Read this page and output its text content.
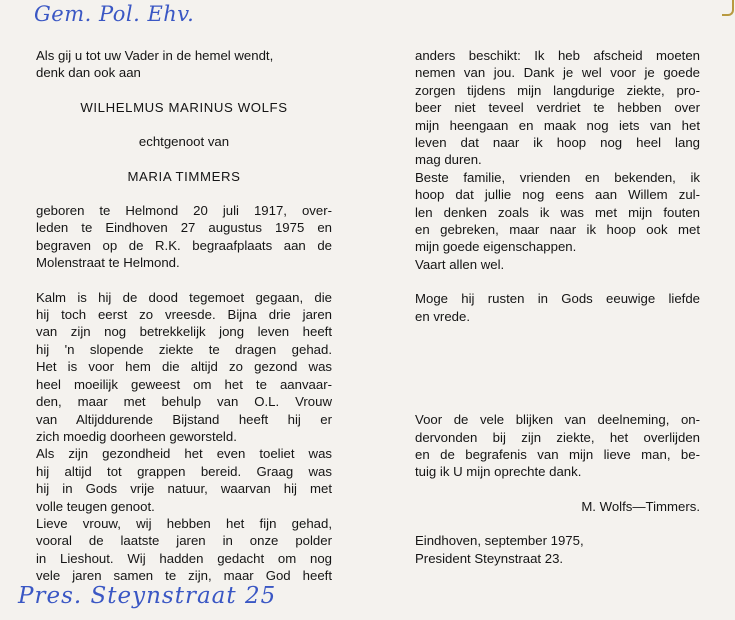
Gem. Pol. Ehv.
Als gij u tot uw Vader in de hemel wendt,
denk dan ook aan
WILHELMUS MARINUS WOLFS
echtgenoot van
MARIA TIMMERS
geboren te Helmond 20 juli 1917, over-
leden te Eindhoven 27 augustus 1975 en
begraven op de R.K. begraafplaats aan de
Molenstraat te Helmond.
Kalm is hij de dood tegemoet gegaan, die
hij toch eerst zo vreesde. Bijna drie jaren
van zijn nog betrekkelijk jong leven heeft
hij 'n slopende ziekte te dragen gehad.
Het is voor hem die altijd zo gezond was
heel moeilijk geweest om het te aanvaar-
den, maar met behulp van O.L. Vrouw
van Altijddurende Bijstand heeft hij er
zich moedig doorheen geworsteld.
Als zijn gezondheid het even toeliet was
hij altijd tot grappen bereid. Graag was
hij in Gods vrije natuur, waarvan hij met
volle teugen genoot.
Lieve vrouw, wij hebben het fijn gehad,
vooral de laatste jaren in onze polder
in Lieshout. Wij hadden gedacht om nog
vele jaren samen te zijn, maar God heeft
anders beschikt: Ik heb afscheid moeten
nemen van jou. Dank je wel voor je goede
zorgen tijdens mijn langdurige ziekte, pro-
beer niet teveel verdriet te hebben over
mijn heengaan en maak nog iets van het
leven dat naar ik hoop nog heel lang
mag duren.
Beste familie, vrienden en bekenden, ik
hoop dat jullie nog eens aan Willem zul-
len denken zoals ik was met mijn fouten
en gebreken, maar naar ik hoop ook met
mijn goede eigenschappen.
Vaart allen wel.
Moge hij rusten in Gods eeuwige liefde
en vrede.
Voor de vele blijken van deelneming, on-
dervonden bij zijn ziekte, het overlijden
en de begrafenis van mijn lieve man, be-
tuig ik U mijn oprechte dank.
M. Wolfs—Timmers.
Eindhoven, september 1975,
President Steynstraat 23.
Pres. Steynstraat 25
